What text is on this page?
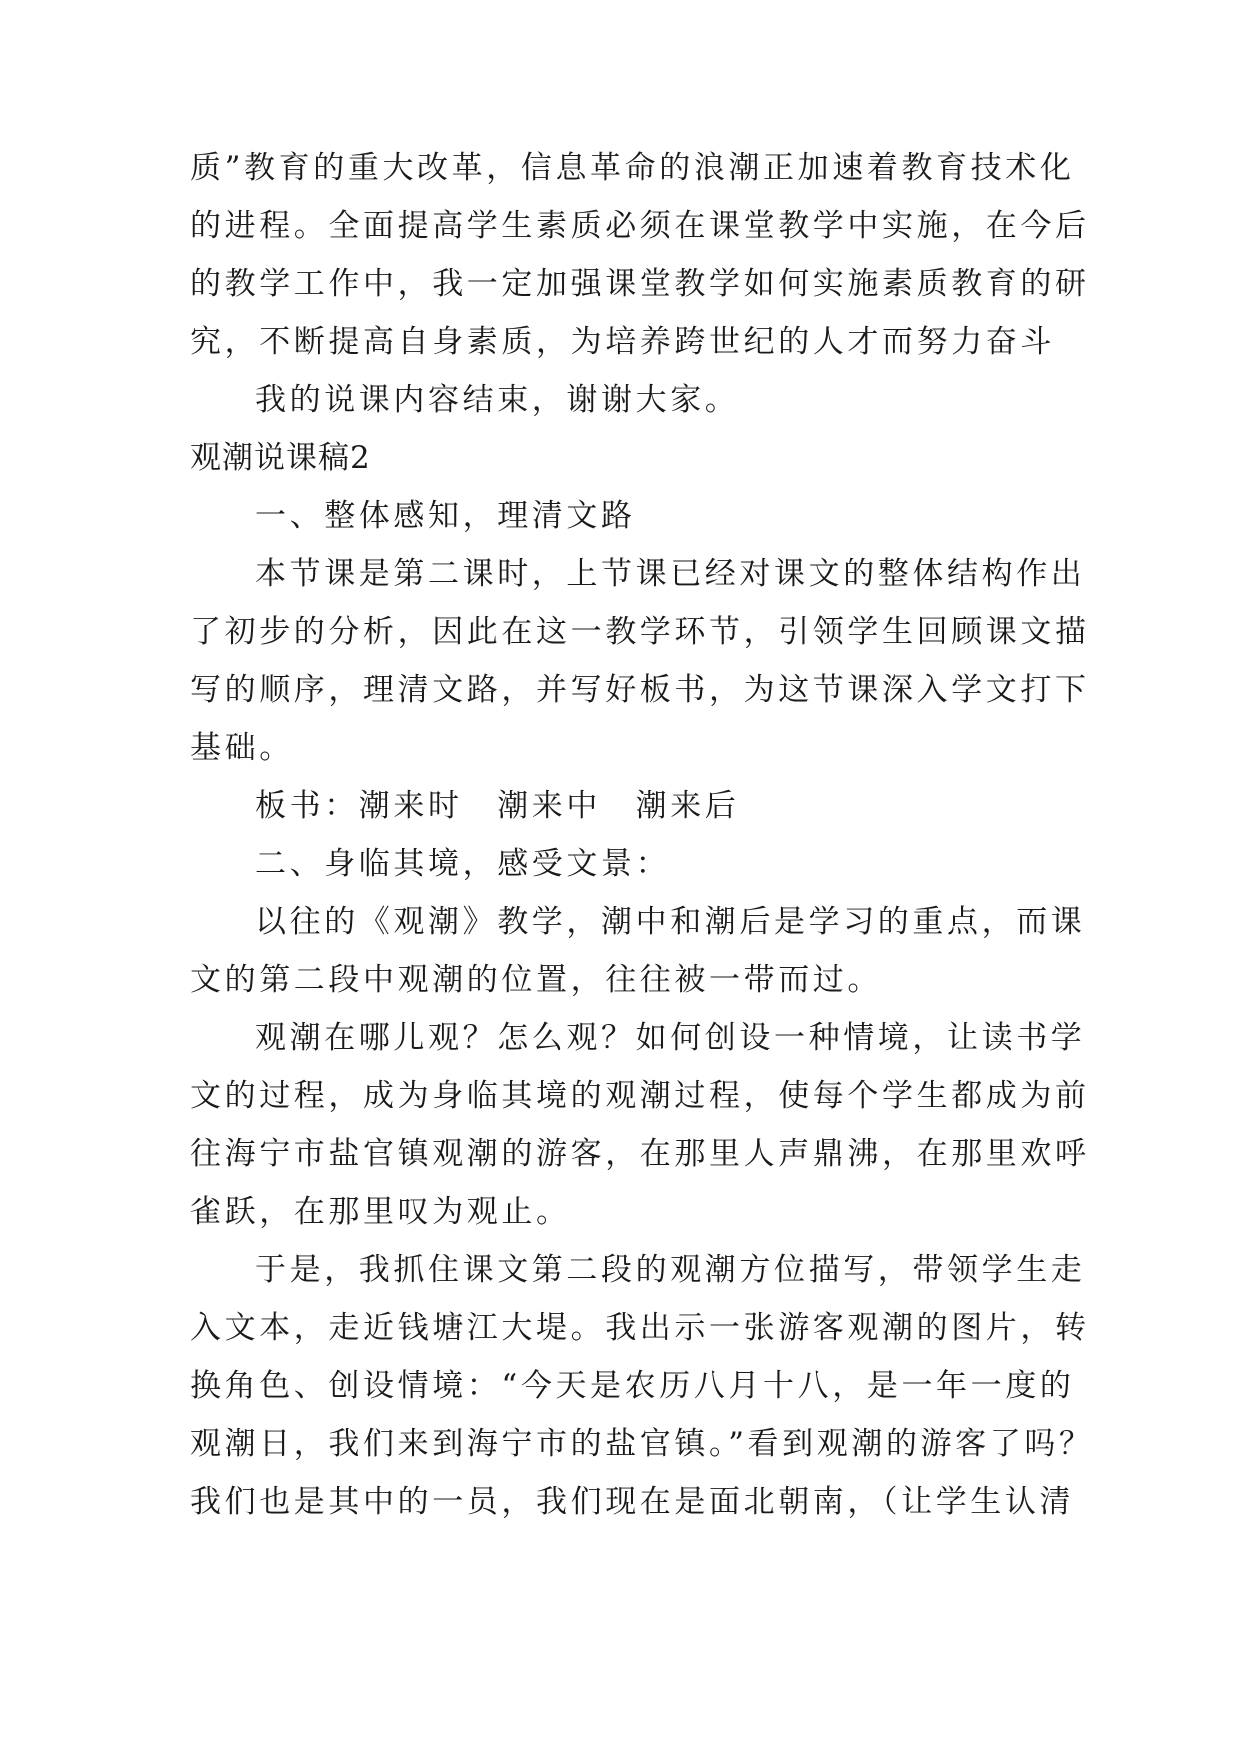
质”教育的重大改革，信息革命的浪潮正加速着教育技术化
的进程。全面提高学生素质必须在课堂教学中实施，在今后
的教学工作中，我一定加强课堂教学如何实施素质教育的研
究，不断提高自身素质，为培养跨世纪的人才而努力奋斗
我的说课内容结束，谢谢大家。
观潮说课稿2
一、整体感知，理清文路
本节课是第二课时，上节课已经对课文的整体结构作出
了初步的分析，因此在这一教学环节，引领学生回顾课文描
写的顺序，理清文路，并写好板书，为这节课深入学文打下
基础。
板书：潮来时　潮来中　潮来后
二、身临其境，感受文景：
以往的《观潮》教学，潮中和潮后是学习的重点，而课
文的第二段中观潮的位置，往往被一带而过。
观潮在哪儿观？怎么观？如何创设一种情境，让读书学
文的过程，成为身临其境的观潮过程，使每个学生都成为前
往海宁市盐官镇观潮的游客，在那里人声鼎沸，在那里欢呼
雀跃，在那里叹为观止。
于是，我抓住课文第二段的观潮方位描写，带领学生走
入文本，走近钱塘江大堤。我出示一张游客观潮的图片，转
换角色、创设情境：“今天是农历八月十八，是一年一度的
观潮日，我们来到海宁市的盐官镇。”看到观潮的游客了吗？
我们也是其中的一员，我们现在是面北朝南，（让学生认清
